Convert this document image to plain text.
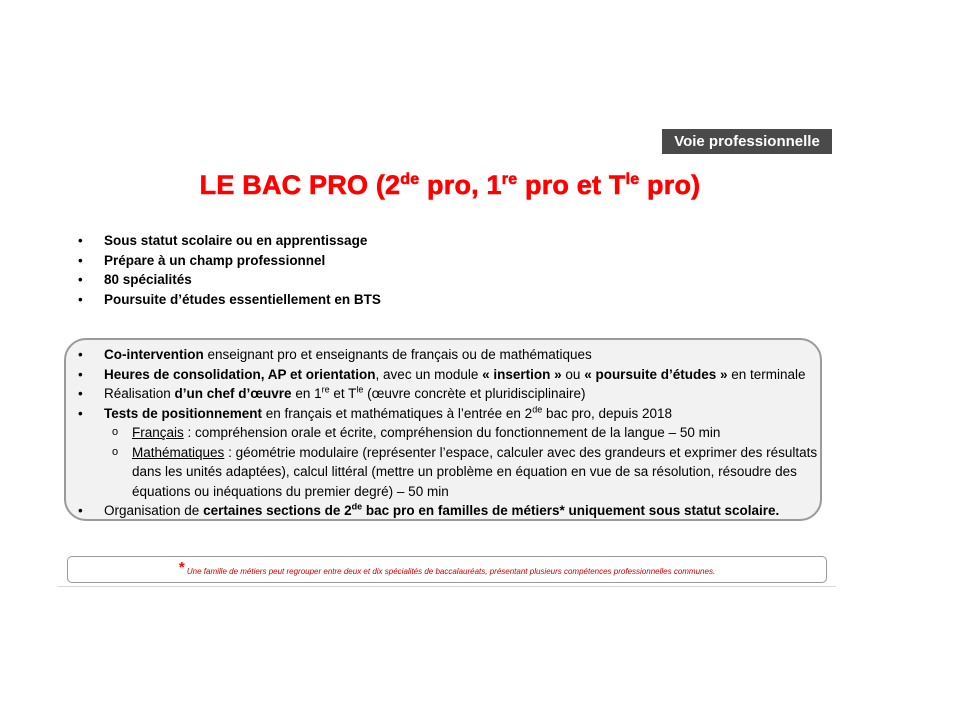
Voie professionnelle
LE BAC PRO (2de pro, 1re pro et $T^{le}$ pro)
• Sous statut scolaire ou en apprentissage
• Prépare à un champ professionnel
• 80 spécialités
• Poursuite d’études essentiellement en BTS
• Co-intervention enseignant pro et enseignants de français ou de mathématiques
• Heures de consolidation, AP et orientation, avec un module « insertion » ou « poursuite d’études » en terminale
• Réalisation d’un chef d’œuvre en 1re et $T^{le}$ (œuvre concrète et pluridisciplinaire)
• Tests de positionnement en français et mathématiques à l’entrée en 2de bac pro, depuis 2018
o Français : compréhension orale et écrite, compréhension du fonctionnement de la langue – 50 min
o Mathématiques : géométrie modulaire (représenter l’espace, calculer avec des grandeurs et exprimer des résultats dans les unités adaptées), calcul littéral (mettre un problème en équation en vue de sa résolution, résoudre des équations ou inéquations du premier degré) – 50 min
• Organisation de certaines sections de 2de bac pro en familles de métiers* uniquement sous statut scolaire.
* Une famille de métiers peut regrouper entre deux et dix spécialités de baccalauréats, présentant plusieurs compétences professionnelles communes.
